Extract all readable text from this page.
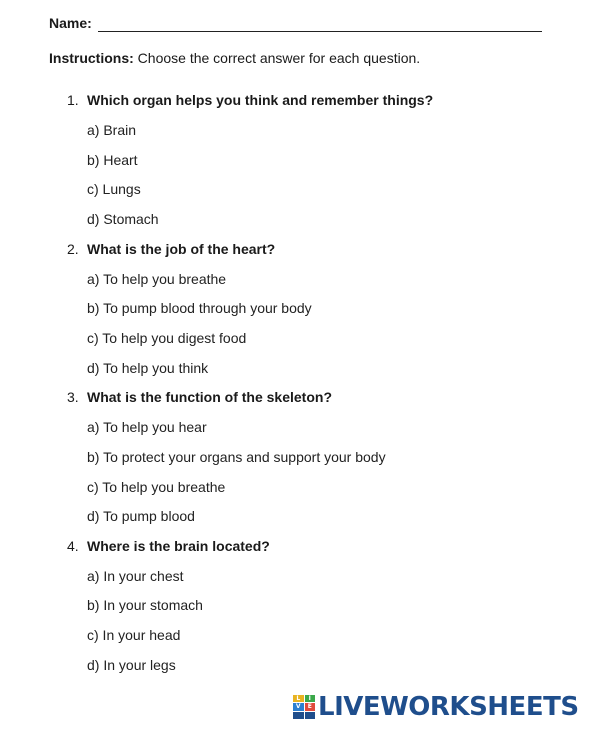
Name:
Instructions: Choose the correct answer for each question.
1. Which organ helps you think and remember things?
a) Brain
b) Heart
c) Lungs
d) Stomach
2. What is the job of the heart?
a) To help you breathe
b) To pump blood through your body
c) To help you digest food
d) To help you think
3. What is the function of the skeleton?
a) To help you hear
b) To protect your organs and support your body
c) To help you breathe
d) To pump blood
4. Where is the brain located?
a) In your chest
b) In your stomach
c) In your head
d) In your legs
L	I
V	E LIVEWORKSHEETS
